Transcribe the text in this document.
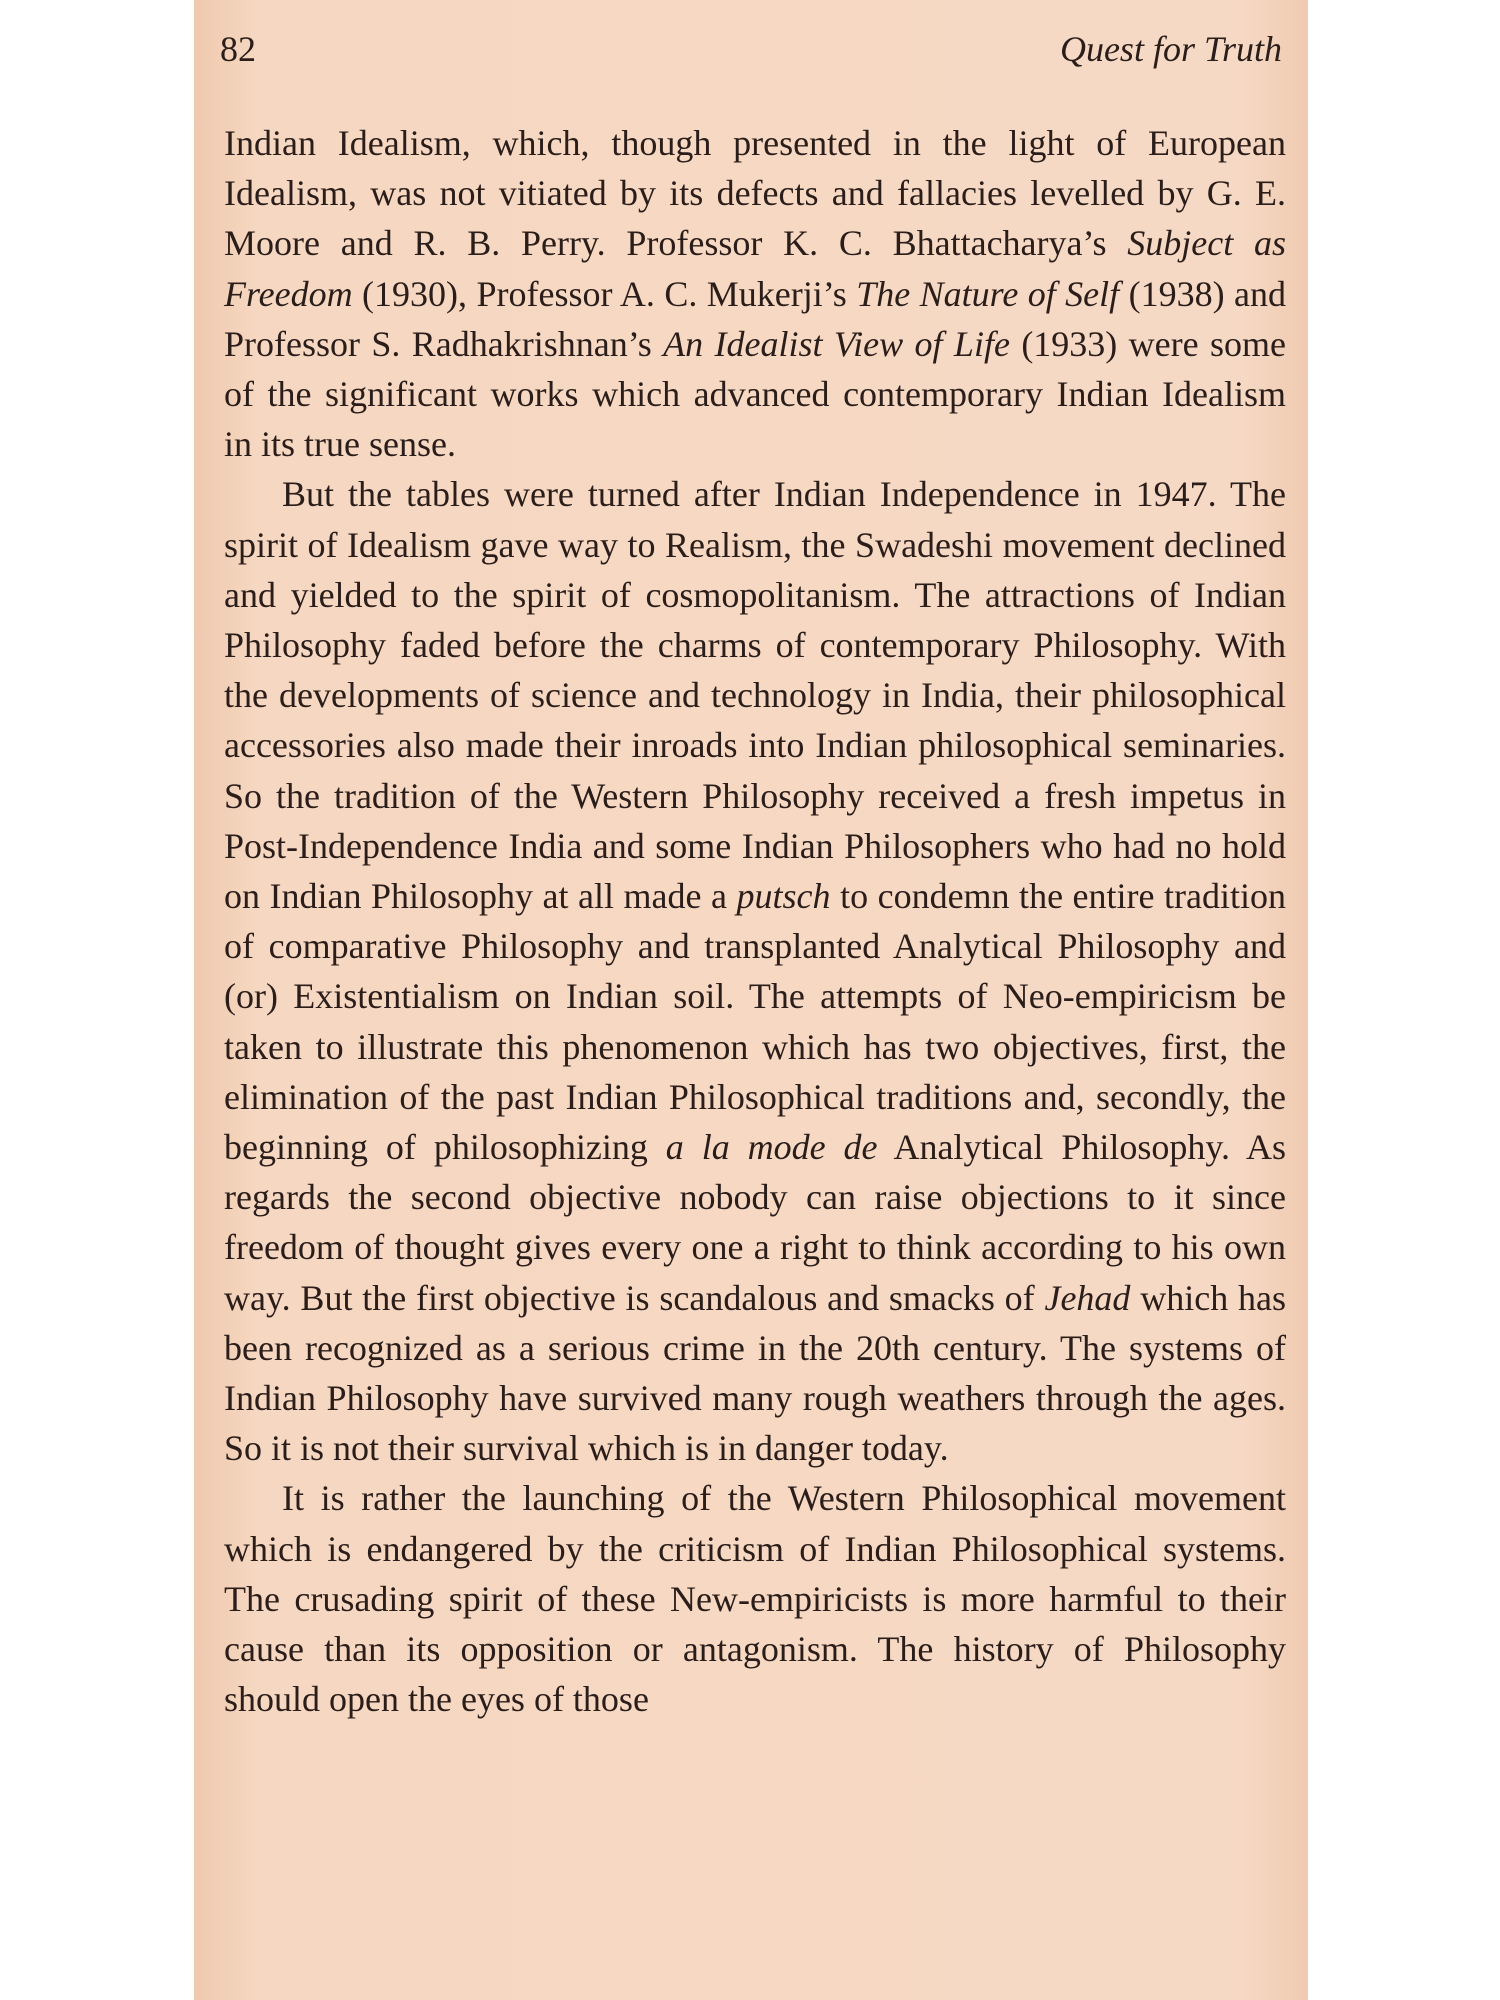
82	Quest for Truth

Indian Idealism, which, though presented in the light of European Idealism, was not vitiated by its defects and fallacies levelled by G. E. Moore and R. B. Perry. Professor K. C. Bhattacharya’s Subject as Freedom (1930), Professor A. C. Mukerji’s The Nature of Self (1938) and Professor S. Radhakrishnan’s An Idealist View of Life (1933) were some of the significant works which advanced contemporary Indian Idealism in its true sense.

But the tables were turned after Indian Independence in 1947. The spirit of Idealism gave way to Realism, the Swadeshi movement declined and yielded to the spirit of cosmopolitanism. The attractions of Indian Philosophy faded before the charms of contemporary Philosophy. With the developments of science and technology in India, their philosophical accessories also made their inroads into Indian philosophical seminaries. So the tradition of the Western Philosophy received a fresh impetus in Post-Independence India and some Indian Philosophers who had no hold on Indian Philosophy at all made a putsch to condemn the entire tradition of comparative Philosophy and transplanted Analytical Philosophy and (or) Existentialism on Indian soil. The attempts of Neo-empiricism be taken to illustrate this phenomenon which has two objectives, first, the elimination of the past Indian Philosophical traditions and, secondly, the beginning of philosophizing a la mode de Analytical Philosophy. As regards the second objective nobody can raise objections to it since freedom of thought gives every one a right to think according to his own way. But the first objective is scandalous and smacks of Jehad which has been recognized as a serious crime in the 20th century. The systems of Indian Philosophy have survived many rough weathers through the ages. So it is not their survival which is in danger today.

It is rather the launching of the Western Philosophical movement which is endangered by the criticism of Indian Philosophical systems. The crusading spirit of these New-empiricists is more harmful to their cause than its opposition or antagonism. The history of Philosophy should open the eyes of those
